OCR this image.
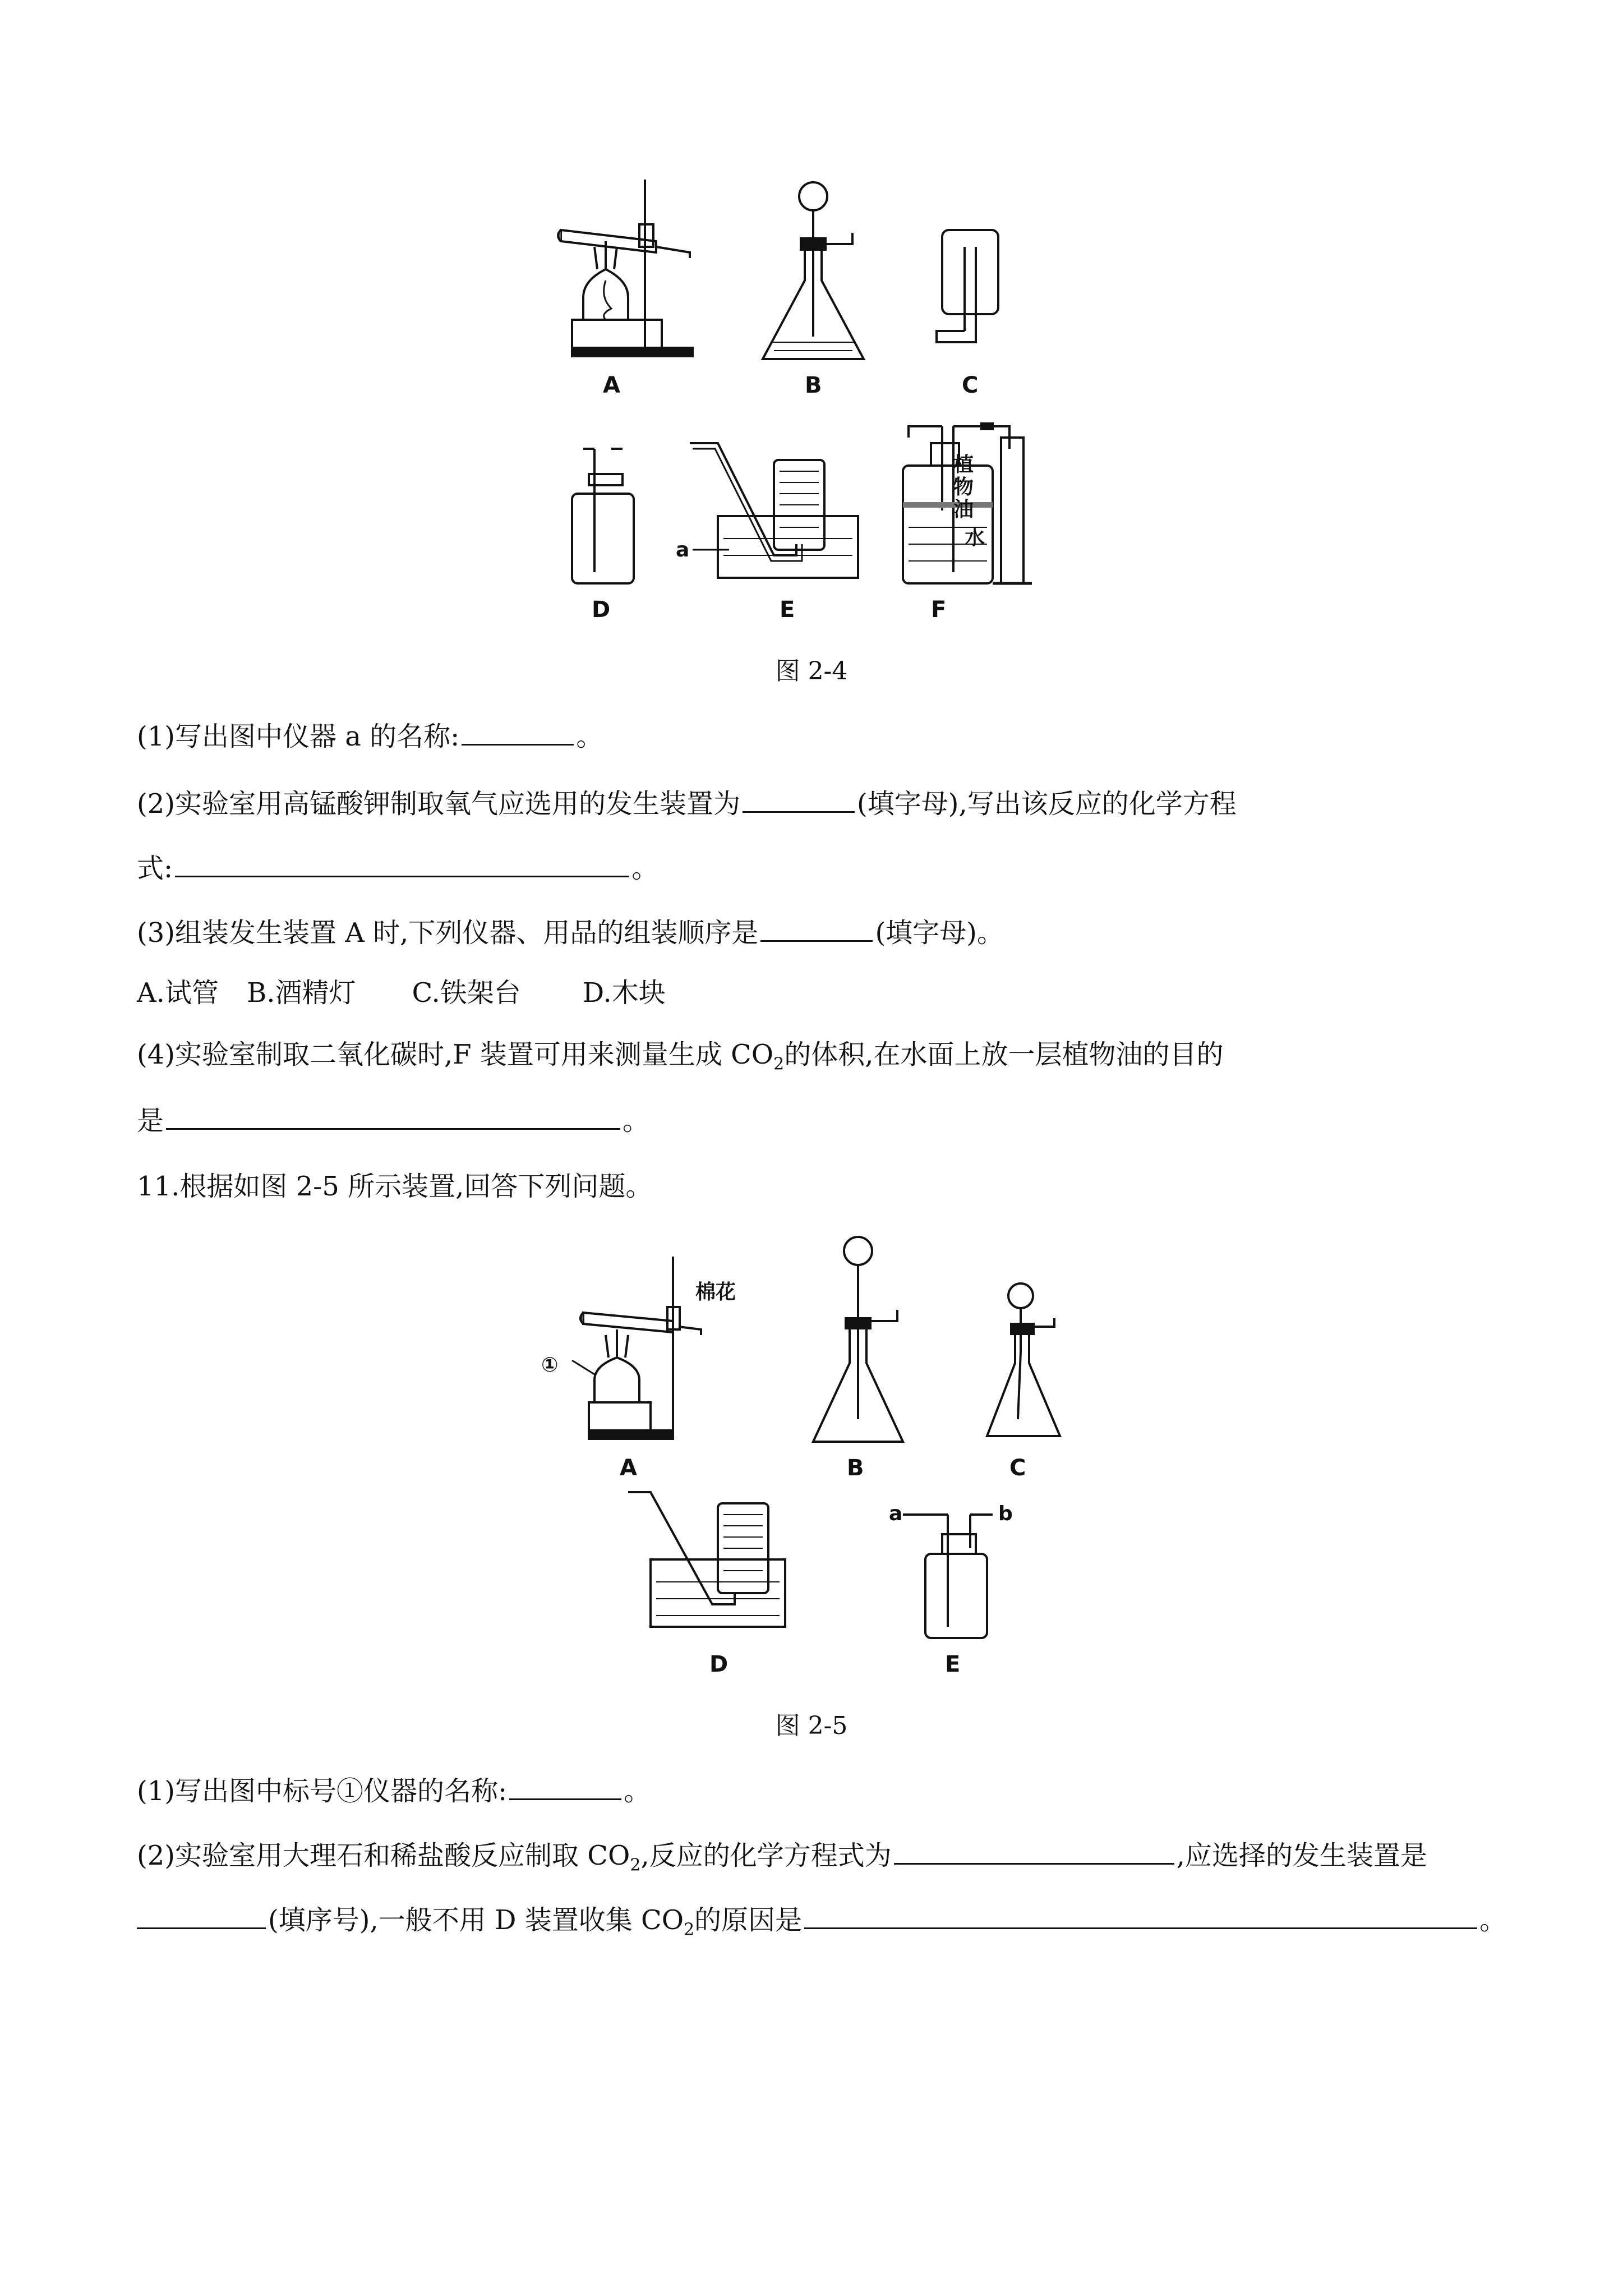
A	B	C
D
a
E
植
物
油
水
F
图 2-4
(1)写出图中仪器 a 的名称:	。
(2)实验室用高锰酸钾制取氧气应选用的发生装置为	(填字母),写出该反应的化学方程
式:	。
(3)组装发生装置 A 时,下列仪器、用品的组装顺序是	(填字母)。
A.试管 B.酒精灯 C.铁架台 D.木块
(4)实验室制取二氧化碳时,F 装置可用来测量生成 $CO_2$的体积,在水面上放一层植物油的目的
是	。
11.根据如图 2-5 所示装置,回答下列问题。
棉花
①
A	B	C
D
a	b
E
图 2-5
(1)写出图中标号①仪器的名称:	。
(2)实验室用大理石和稀盐酸反应制取 $CO_2$,反应的化学方程式为	,应选择的发生装置是
(填序号),一般不用 D 装置收集 $CO_2$的原因是	。
